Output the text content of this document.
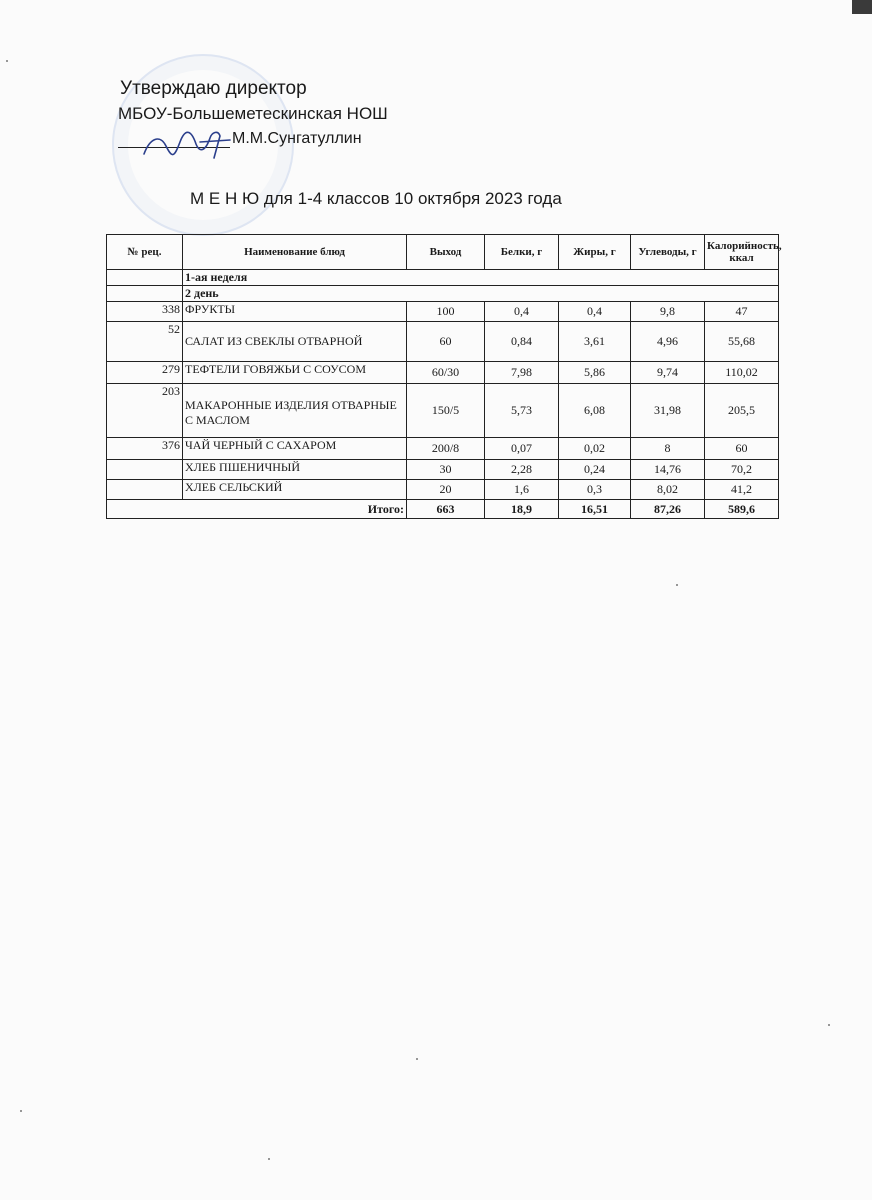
Утверждаю директор
МБОУ-Большеметескинская НОШ
М.М.Сунгатуллин
М Е Н Ю для 1-4 классов 10 октября 2023 года
№ рец.	Наименование блюд	Выход	Белки, г	Жиры, г	Углеводы, г	Калорийность, ккал
	1-ая неделя					
	2 день					
338	ФРУКТЫ	100	0,4	0,4	9,8	47
52	САЛАТ ИЗ СВЕКЛЫ ОТВАРНОЙ	60	0,84	3,61	4,96	55,68
279	ТЕФТЕЛИ ГОВЯЖЬИ С СОУСОМ	60/30	7,98	5,86	9,74	110,02
203	МАКАРОННЫЕ ИЗДЕЛИЯ ОТВАРНЫЕ С МАСЛОМ	150/5	5,73	6,08	31,98	205,5
376	ЧАЙ ЧЕРНЫЙ С САХАРОМ	200/8	0,07	0,02	8	60
	ХЛЕБ ПШЕНИЧНЫЙ	30	2,28	0,24	14,76	70,2
	ХЛЕБ СЕЛЬСКИЙ	20	1,6	0,3	8,02	41,2
Итого:		663	18,9	16,51	87,26	589,6
